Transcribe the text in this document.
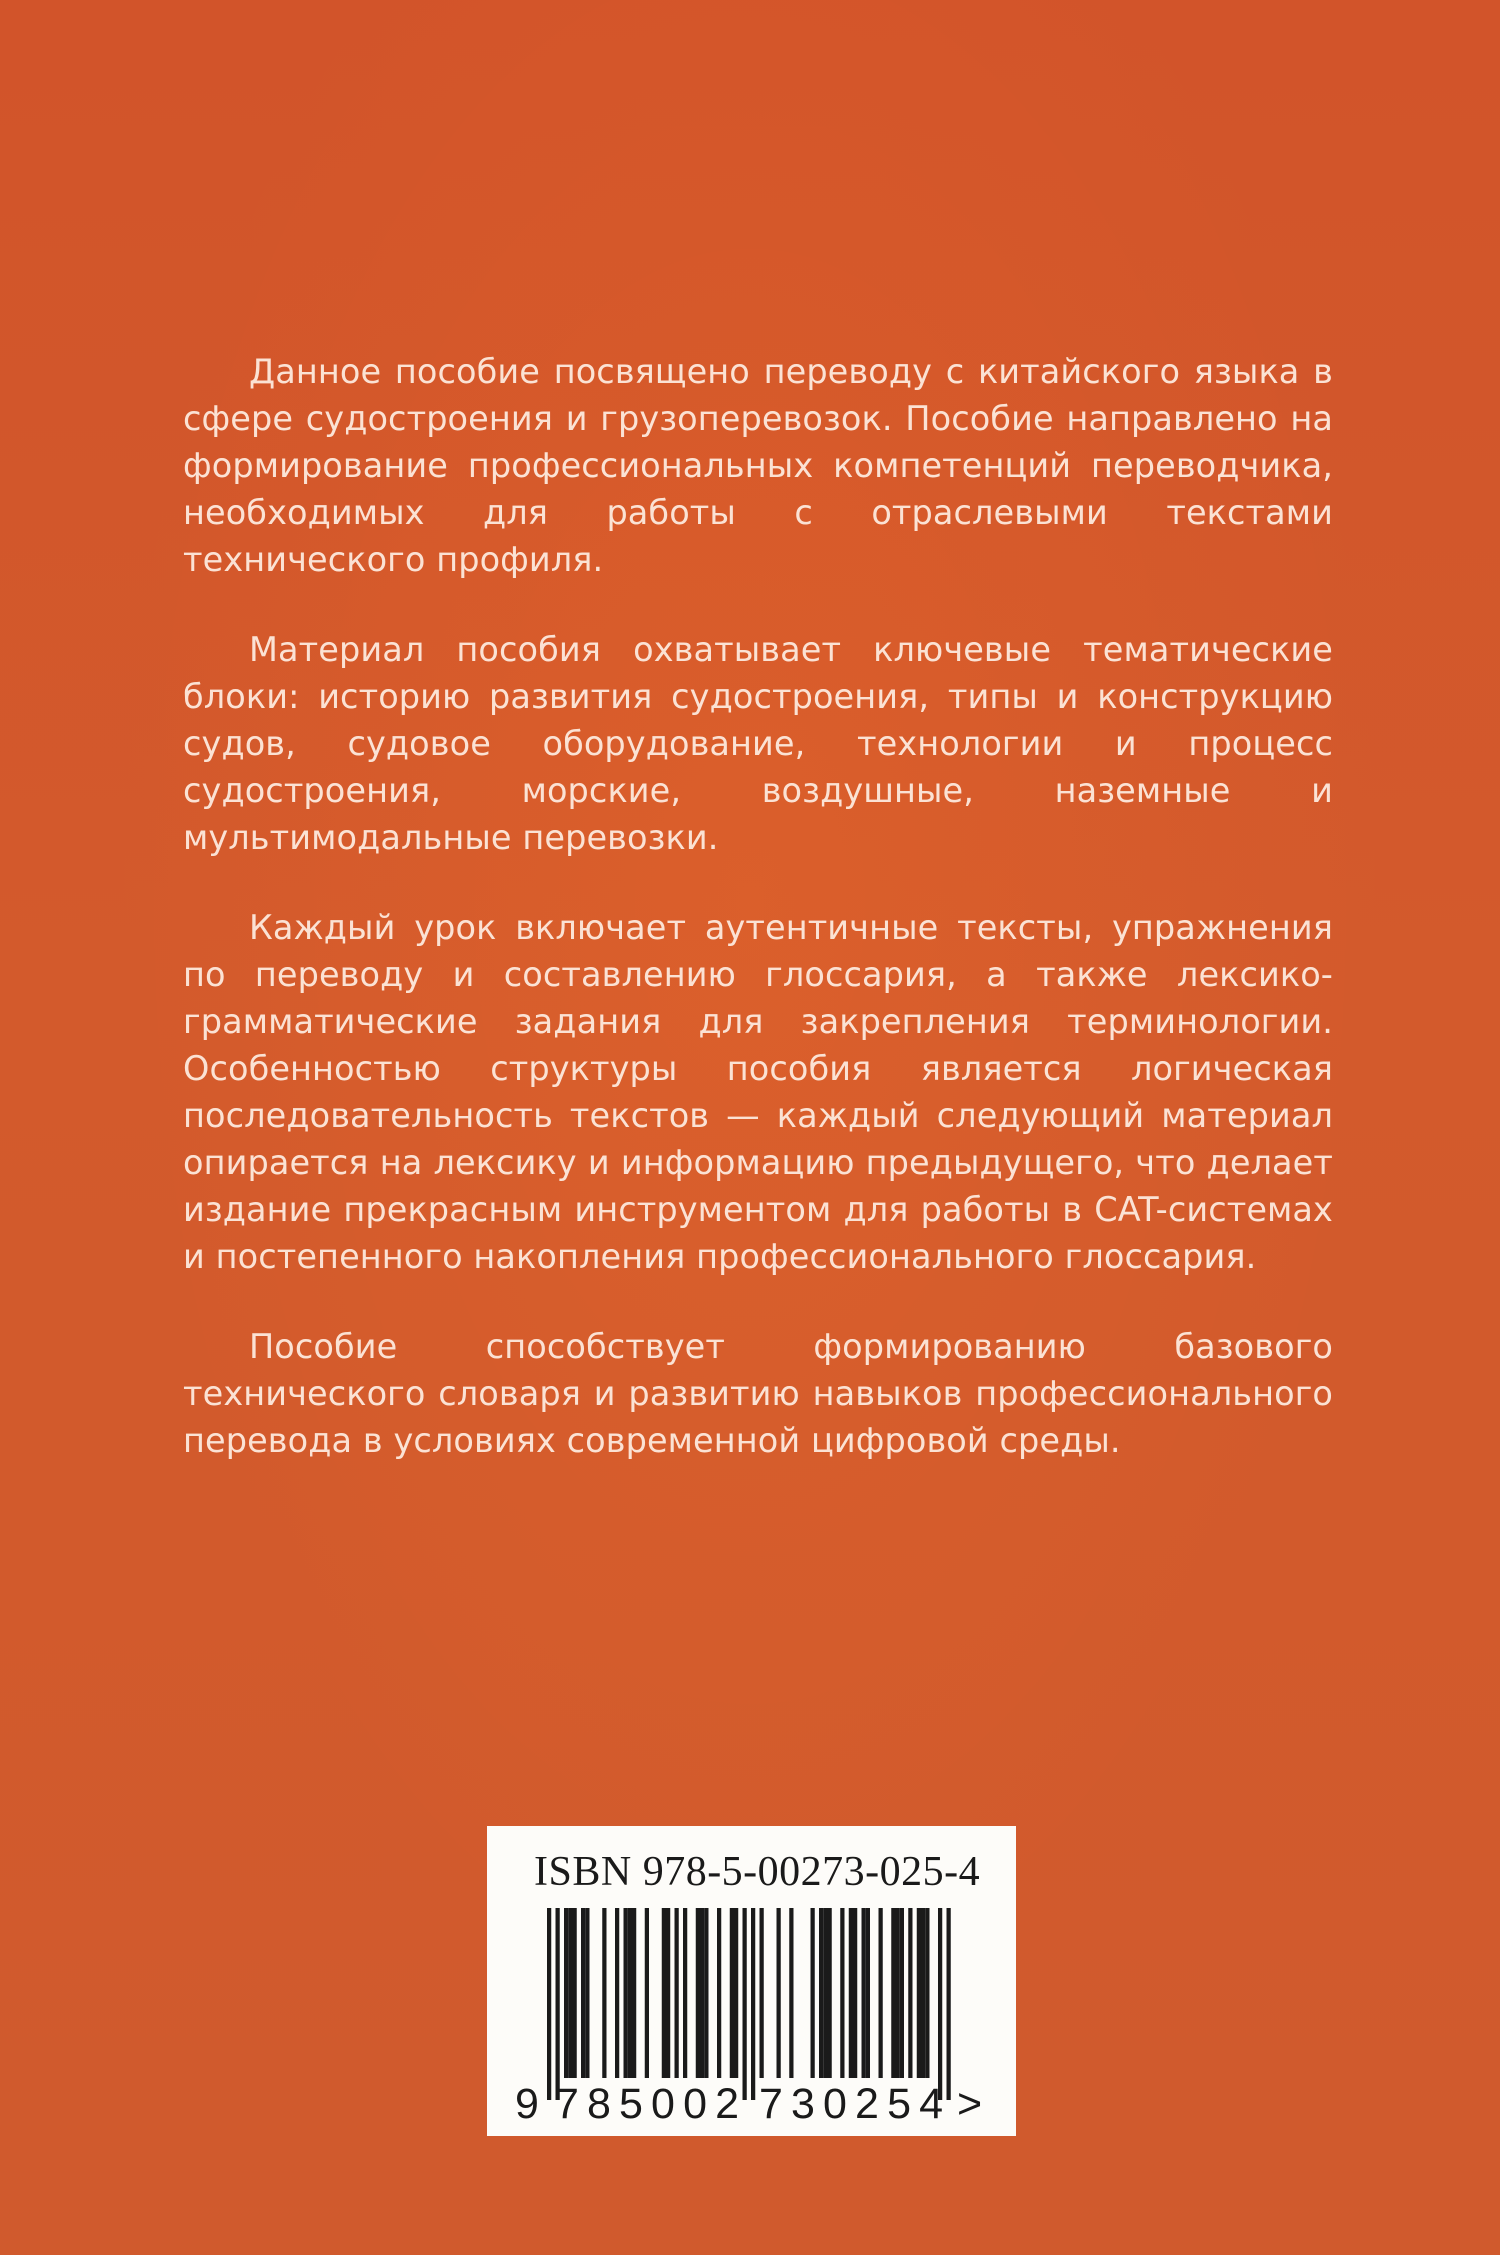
Данное пособие посвящено переводу с китайского языка в сфере судостроения и грузоперевозок. Пособие направлено на формирование профессиональных компетенций переводчика, необходимых для работы с отраслевыми текстами технического профиля.

Материал пособия охватывает ключевые тематические блоки: историю развития судостроения, типы и конструкцию судов, судовое оборудование, технологии и процесс судостроения, морские, воздушные, наземные и мультимодальные перевозки.

Каждый урок включает аутентичные тексты, упражнения по переводу и составлению глоссария, а также лексико-грамматические задания для закрепления терминологии. Особенностью структуры пособия является логическая последовательность текстов — каждый следующий материал опирается на лексику и информацию предыдущего, что делает издание прекрасным инструментом для работы в CAT-системах и постепенного накопления профессионального глоссария.

Пособие способствует формированию базового технического словаря и развитию навыков профессионального перевода в условиях современной цифровой среды.

ISBN 978-5-00273-025-4
9 785002 730254 >
